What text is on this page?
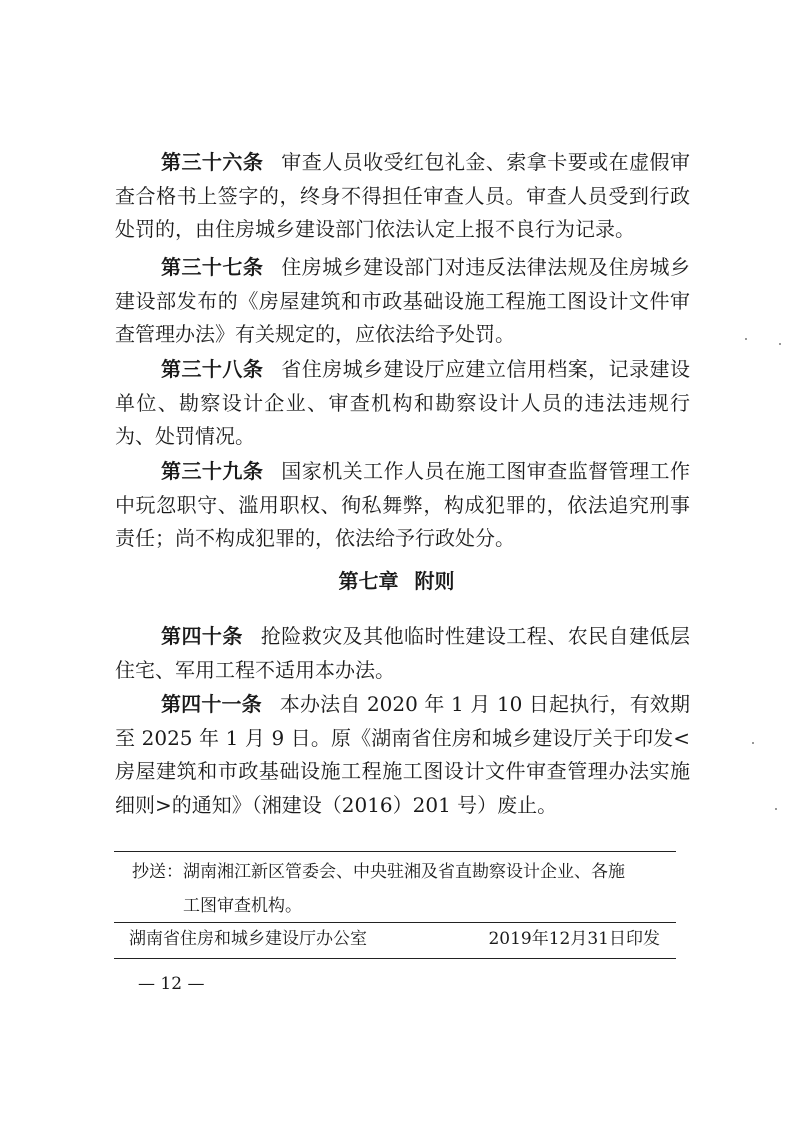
第三十六条 审查人员收受红包礼金、索拿卡要或在虚假审查合格书上签字的，终身不得担任审查人员。审查人员受到行政处罚的，由住房城乡建设部门依法认定上报不良行为记录。

第三十七条 住房城乡建设部门对违反法律法规及住房城乡建设部发布的《房屋建筑和市政基础设施工程施工图设计文件审查管理办法》有关规定的，应依法给予处罚。

第三十八条 省住房城乡建设厅应建立信用档案，记录建设单位、勘察设计企业、审查机构和勘察设计人员的违法违规行为、处罚情况。

第三十九条 国家机关工作人员在施工图审查监督管理工作中玩忽职守、滥用职权、徇私舞弊，构成犯罪的，依法追究刑事责任；尚不构成犯罪的，依法给予行政处分。

第七章 附则

第四十条 抢险救灾及其他临时性建设工程、农民自建低层住宅、军用工程不适用本办法。

第四十一条 本办法自 2020 年 1 月 10 日起执行，有效期至 2025 年 1 月 9 日。原《湖南省住房和城乡建设厅关于印发<房屋建筑和市政基础设施工程施工图设计文件审查管理办法实施细则>的通知》（湘建设（2016）201 号）废止。

抄送：湖南湘江新区管委会、中央驻湘及省直勘察设计企业、各施
工图审查机构。

湖南省住房和城乡建设厅办公室	2019年12月31日印发
— 12 —
